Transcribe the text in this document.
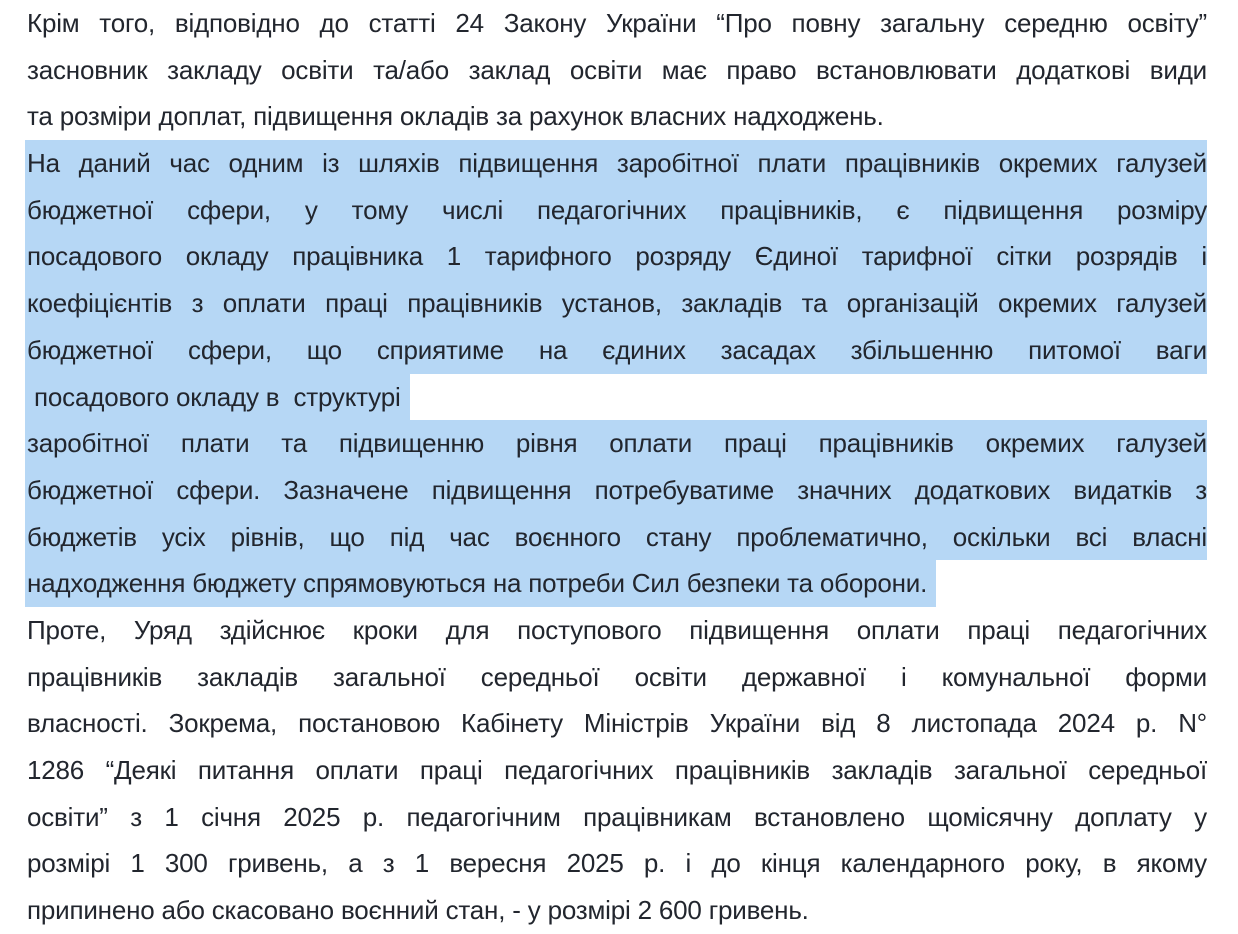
Крім того, відповідно до статті 24 Закону України “Про повну загальну середню освіту”
засновник закладу освіти та/або заклад освіти має право встановлювати додаткові види
та розміри доплат, підвищення окладів за рахунок власних надходжень.
На даний час одним із шляхів підвищення заробітної плати працівників окремих галузей
бюджетної сфери, у тому числі педагогічних працівників, є підвищення розміру
посадового окладу працівника 1 тарифного розряду Єдиної тарифної сітки розрядів і
коефіцієнтів з оплати праці працівників установ, закладів та організацій окремих галузей
бюджетної сфери, що сприятиме на єдиних засадах збільшенню питомої ваги
посадового окладу в  структурі
заробітної плати та підвищенню рівня оплати праці працівників окремих галузей
бюджетної сфери. Зазначене підвищення потребуватиме значних додаткових видатків з
бюджетів усіх рівнів, що під час воєнного стану проблематично, оскільки всі власні
надходження бюджету спрямовуються на потреби Сил безпеки та оборони.
Проте, Уряд здійснює кроки для поступового підвищення оплати праці педагогічних
працівників закладів загальної середньої освіти державної і комунальної форми
власності. Зокрема, постановою Кабінету Міністрів України від 8 листопада 2024 р. N°
1286 “Деякі питання оплати праці педагогічних працівників закладів загальної середньої
освіти” з 1 січня 2025 р. педагогічним працівникам встановлено щомісячну доплату у
розмірі 1 300 гривень, а з 1 вересня 2025 р. і до кінця календарного року, в якому
припинено або скасовано воєнний стан, - у розмірі 2 600 гривень.
